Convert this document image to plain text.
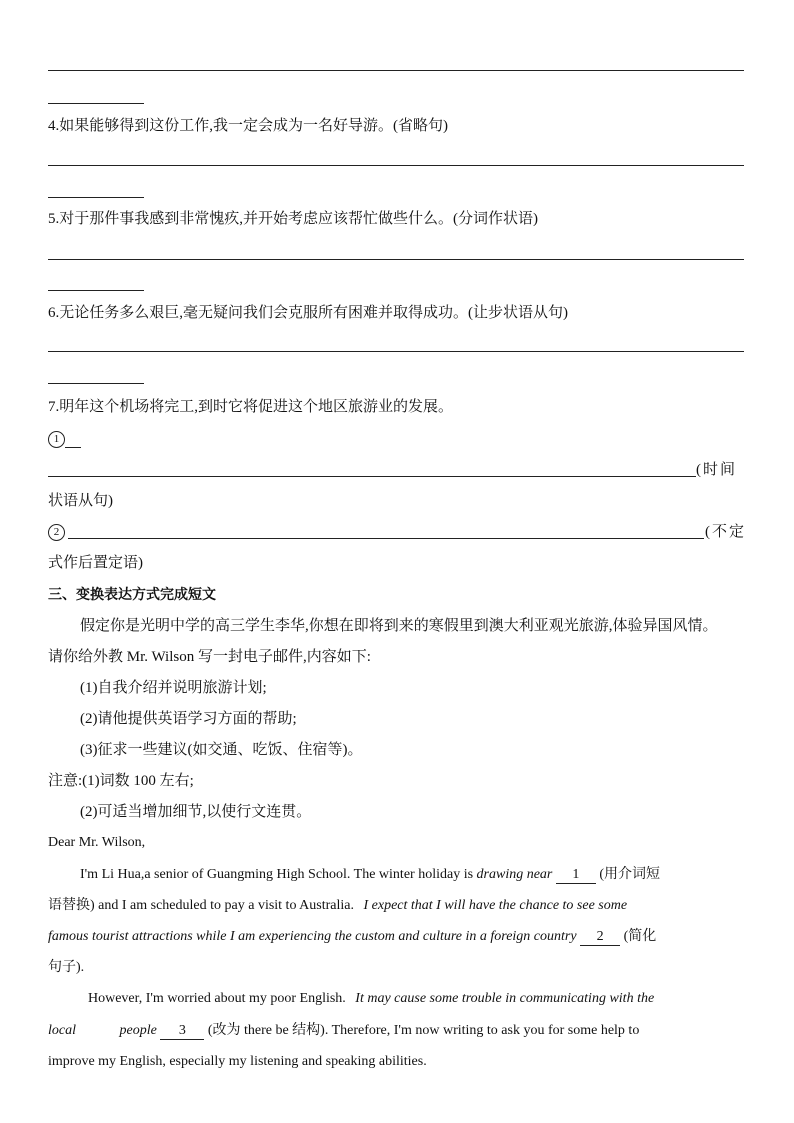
4.如果能够得到这份工作,我一定会成为一名好导游。(省略句)
5.对于那件事我感到非常愧疚,并开始考虑应该帮忙做些什么。(分词作状语)
6.无论任务多么艰巨,毫无疑问我们会克服所有困难并取得成功。(让步状语从句)
7.明年这个机场将完工,到时它将促进这个地区旅游业的发展。
1
(时间
状语从句)
2	(不定
式作后置定语)
三、变换表达方式完成短文
假定你是光明中学的高三学生李华,你想在即将到来的寒假里到澳大利亚观光旅游,体验异国风情。
请你给外教 Mr. Wilson 写一封电子邮件,内容如下:
(1)自我介绍并说明旅游计划;
(2)请他提供英语学习方面的帮助;
(3)征求一些建议(如交通、吃饭、住宿等)。
注意:(1)词数 100 左右;
(2)可适当增加细节,以使行文连贯。
Dear Mr. Wilson,
I'm Li Hua,a senior of Guangming High School. The winter holiday is drawing near 1 (用介词短
语替换) and I am scheduled to pay a visit to Australia. I expect that I will have the chance to see some
famous tourist attractions while I am experiencing the custom and culture in a foreign country 2 (简化
句子).
However, I'm worried about my poor English. It may cause some trouble in communicating with the
local	people 3 (改为 there be 结构). Therefore, I'm now writing to ask you for some help to
improve my English, especially my listening and speaking abilities.
